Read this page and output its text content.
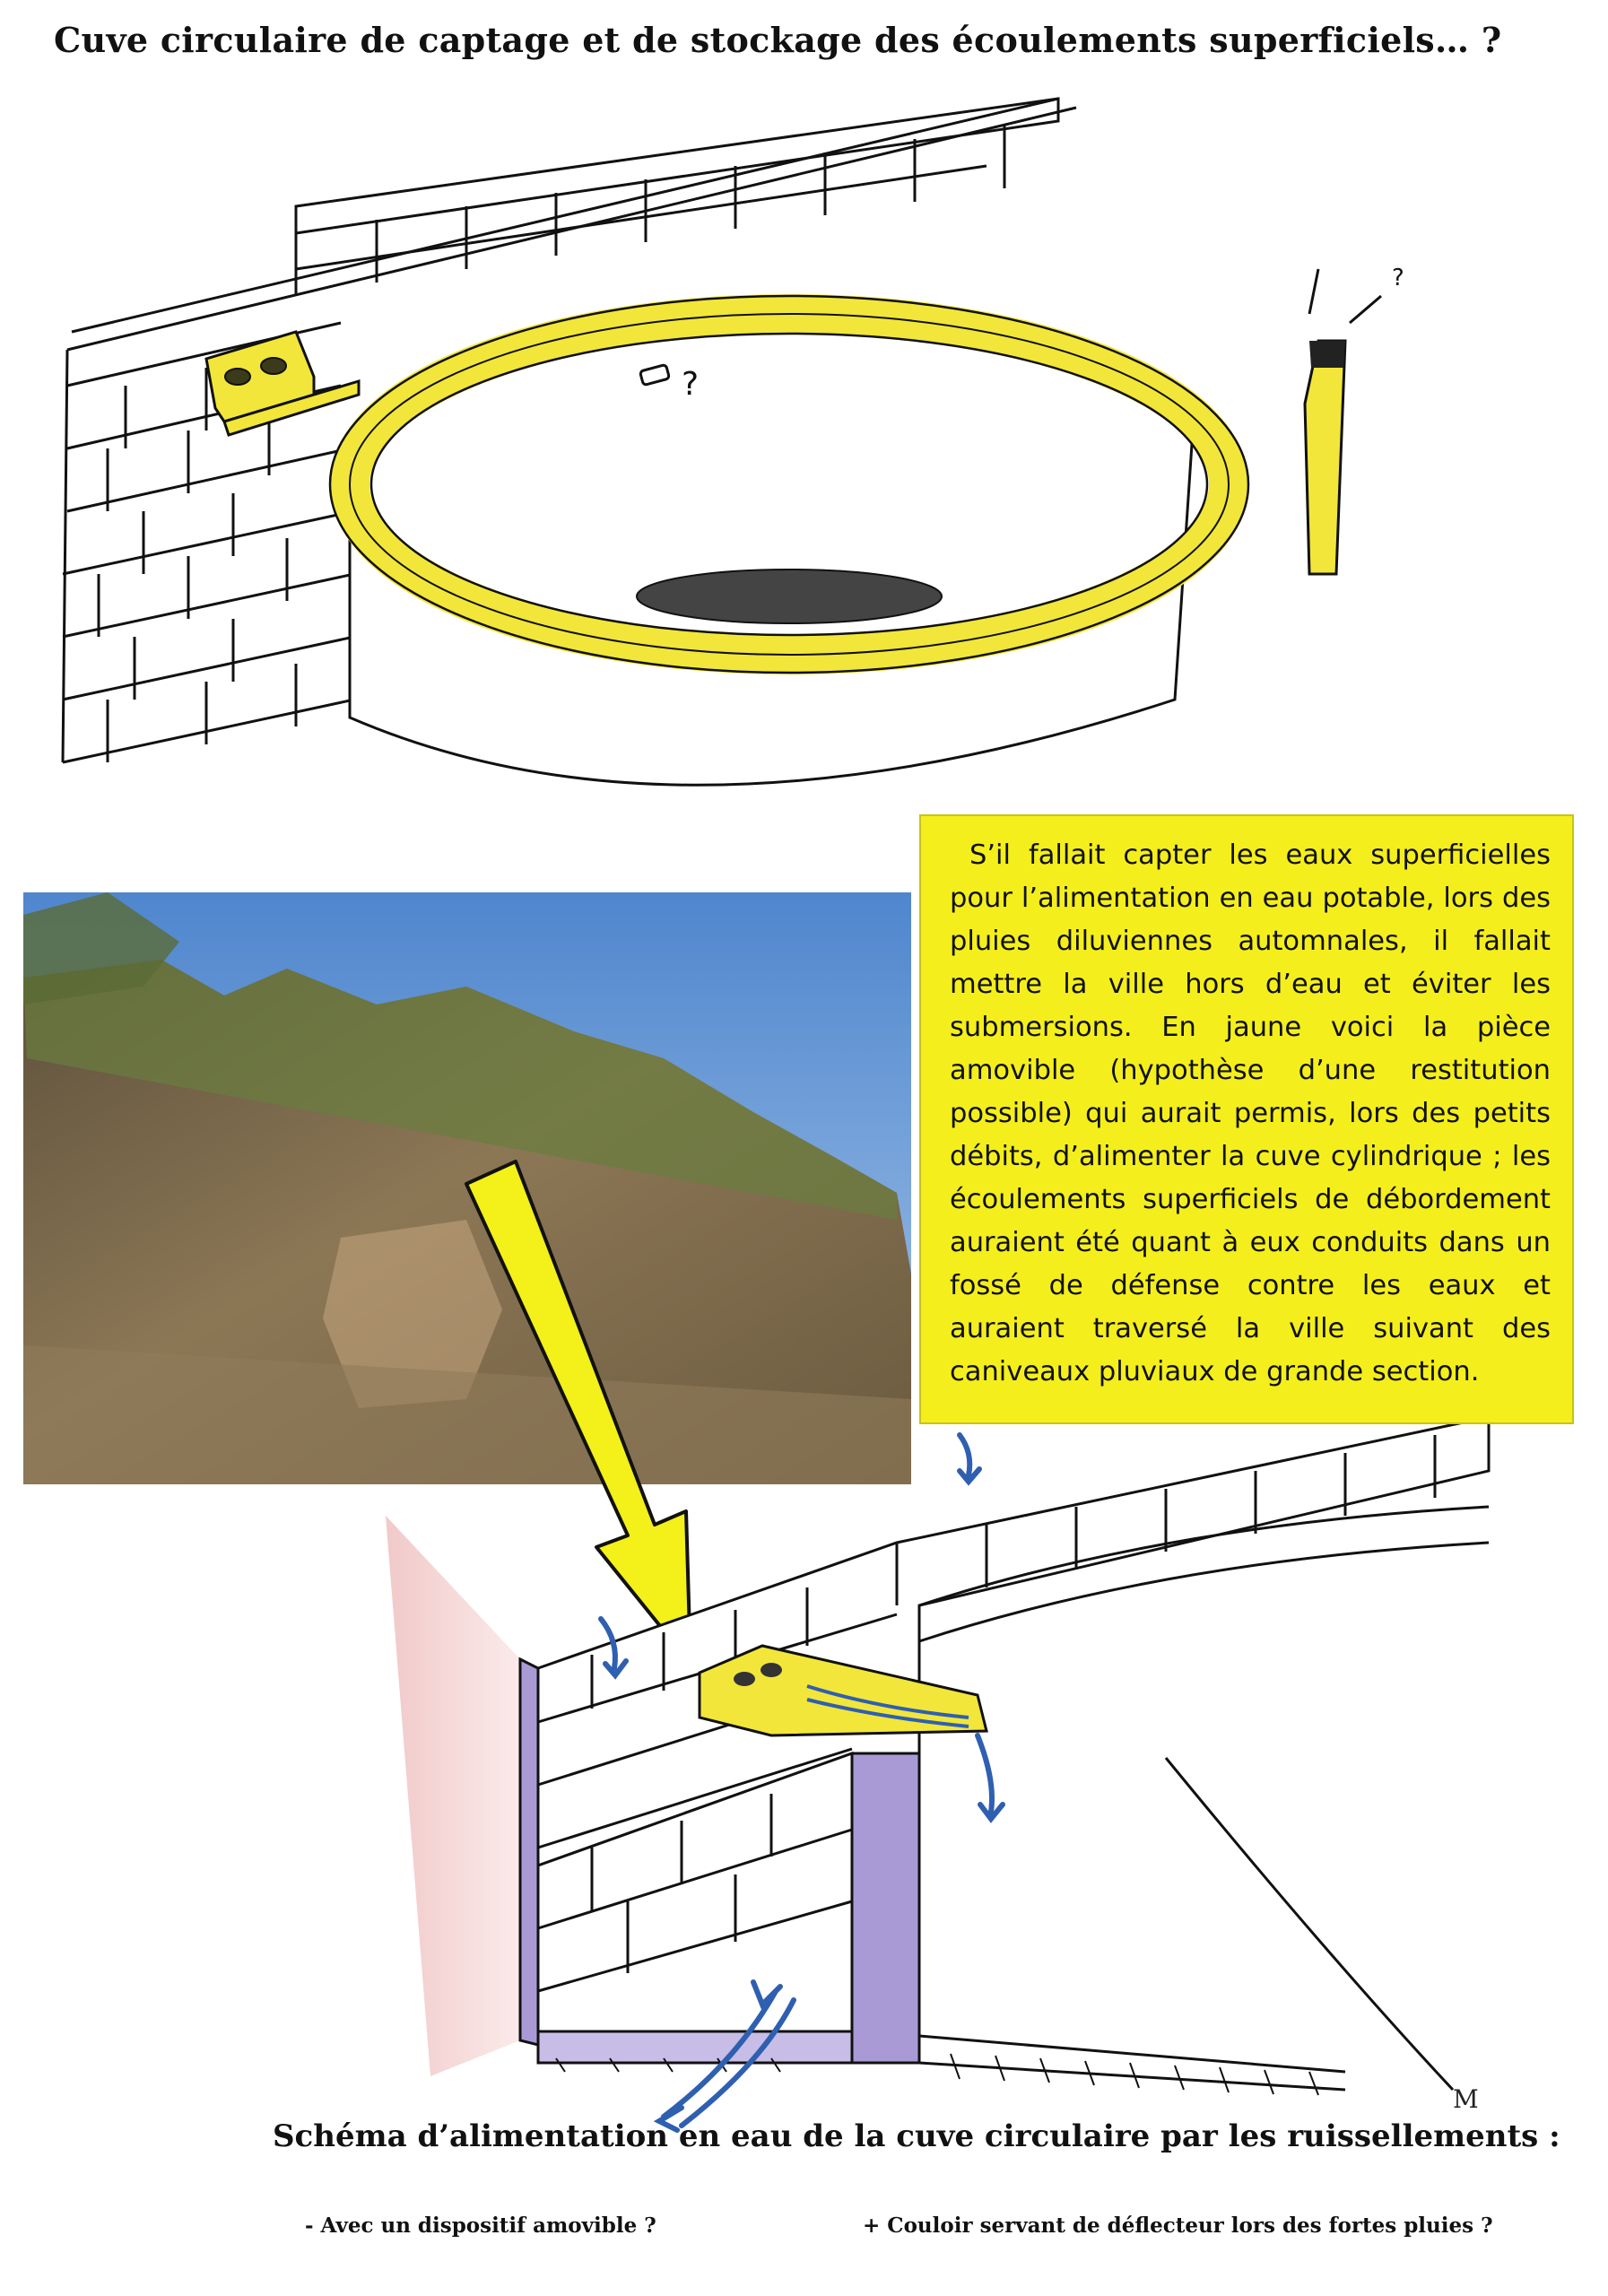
?
?
Cuve circulaire de captage et de stockage des écoulements superficiels… ?

S’il fallait capter les eaux superficielles pour l’alimentation en eau potable, lors des pluies diluviennes automnales, il fallait mettre la ville hors d’eau et éviter les submersions. En jaune voici la pièce amovible (hypothèse d’une restitution possible) qui aurait permis, lors des petits débits, d’alimenter la cuve cylindrique ; les écoulements superficiels de débordement auraient été quant à eux conduits dans un fossé de défense contre les eaux et auraient traversé la ville suivant des caniveaux pluviaux de grande section.

M
Schéma d’alimentation en eau de la cuve circulaire par les ruissellements :
- Avec un dispositif amovible ?	+ Couloir servant de déflecteur lors des fortes pluies ?
